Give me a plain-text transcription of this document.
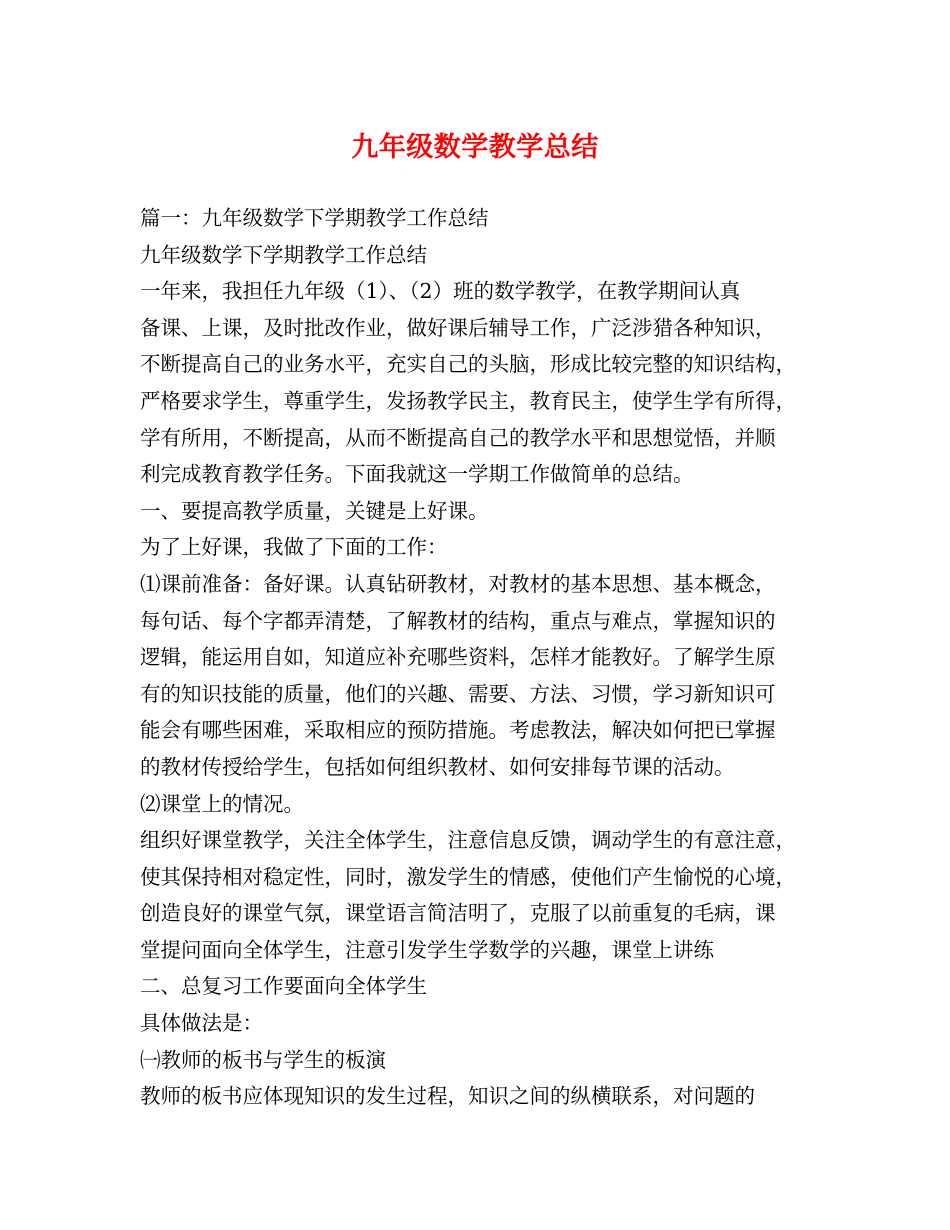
九年级数学教学总结
篇一：九年级数学下学期教学工作总结
九年级数学下学期教学工作总结
一年来，我担任九年级（1）、（2）班的数学教学，在教学期间认真
备课、上课，及时批改作业，做好课后辅导工作，广泛涉猎各种知识，
不断提高自己的业务水平，充实自己的头脑，形成比较完整的知识结构，
严格要求学生，尊重学生，发扬教学民主，教育民主，使学生学有所得，
学有所用，不断提高，从而不断提高自己的教学水平和思想觉悟，并顺
利完成教育教学任务。下面我就这一学期工作做简单的总结。
一、要提高教学质量，关键是上好课。
为了上好课，我做了下面的工作：
⑴课前准备：备好课。认真钻研教材，对教材的基本思想、基本概念，
每句话、每个字都弄清楚，了解教材的结构，重点与难点，掌握知识的
逻辑，能运用自如，知道应补充哪些资料，怎样才能教好。了解学生原
有的知识技能的质量，他们的兴趣、需要、方法、习惯，学习新知识可
能会有哪些困难，采取相应的预防措施。考虑教法，解决如何把已掌握
的教材传授给学生，包括如何组织教材、如何安排每节课的活动。
⑵课堂上的情况。
组织好课堂教学，关注全体学生，注意信息反馈，调动学生的有意注意，
使其保持相对稳定性，同时，激发学生的情感，使他们产生愉悦的心境，
创造良好的课堂气氛，课堂语言简洁明了，克服了以前重复的毛病，课
堂提问面向全体学生，注意引发学生学数学的兴趣，课堂上讲练
二、总复习工作要面向全体学生
具体做法是：
㈠教师的板书与学生的板演
教师的板书应体现知识的发生过程，知识之间的纵横联系，对问题的
